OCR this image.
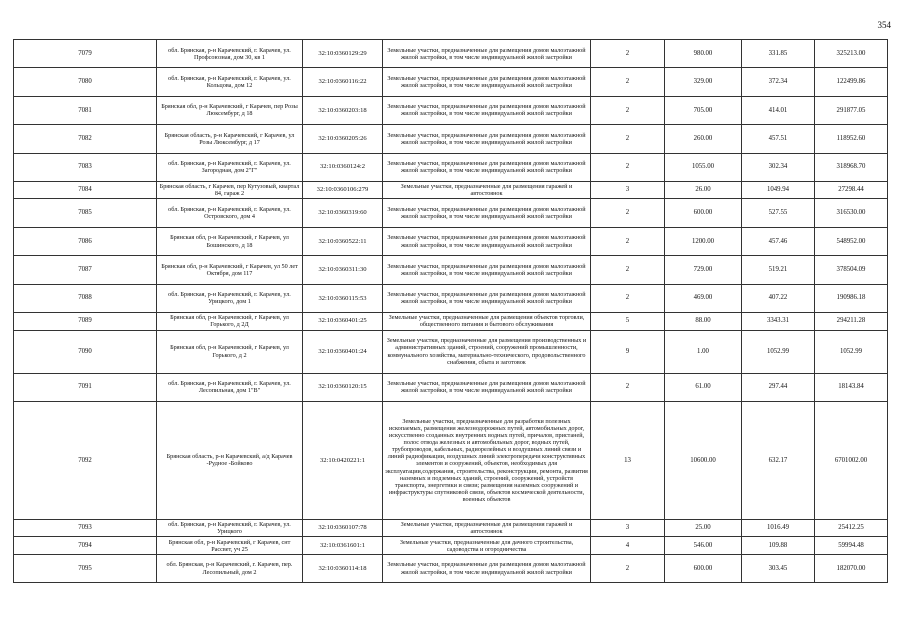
354
7079	обл. Брянская, р-н Карачевский, г. Карачев, ул. Профсоюзная, дом 30, кв 1	32:10:0360129:29	Земельные участки, предназначенные для размещения домов малоэтажной жилой застройки, в том числе индивидуальной жилой застройки	2	980.00	331.85	325213.00
7080	обл. Брянская, р-н Карачевский, г. Карачев, ул. Кольцова, дом 12	32:10:0360116:22	Земельные участки, предназначенные для размещения домов малоэтажной жилой застройки, в том числе индивидуальной жилой застройки	2	329.00	372.34	122499.86
7081	Брянская обл, р-н Карачевский, г Карачев, пер Розы Люксембург, д 18	32:10:0360203:18	Земельные участки, предназначенные для размещения домов малоэтажной жилой застройки, в том числе индивидуальной жилой застройки	2	705.00	414.01	291877.05
7082	Брянская область, р-н Карачевский, г Карачев, ул Розы Люксембург, д 17	32:10:0360205:26	Земельные участки, предназначенные для размещения домов малоэтажной жилой застройки, в том числе индивидуальной жилой застройки	2	260.00	457.51	118952.60
7083	обл. Брянская, р-н Карачевский, г. Карачев, ул. Загородная, дом 2"Г"	32:10:0360124:2	Земельные участки, предназначенные для размещения домов малоэтажной жилой застройки, в том числе индивидуальной жилой застройки	2	1055.00	302.34	318968.70
7084	Брянская область, г Карачев, пер Кутузовый, квартал 84, гараж 2	32:10:0360106:279	Земельные участки, предназначенные для размещения гаражей и автостоянок	3	26.00	1049.94	27298.44
7085	обл. Брянская, р-н Карачевский, г. Карачев, ул. Островского, дом 4	32:10:0360319:60	Земельные участки, предназначенные для размещения домов малоэтажной жилой застройки, в том числе индивидуальной жилой застройки	2	600.00	527.55	316530.00
7086	Брянская обл, р-н Карачевский, г Карачев, ул Бошинского, д 18	32:10:0360522:11	Земельные участки, предназначенные для размещения домов малоэтажной жилой застройки, в том числе индивидуальной жилой застройки	2	1200.00	457.46	548952.00
7087	Брянская обл, р-н Карачевский, г Карачев, ул 50 лет Октября, дом 117	32:10:0360311:30	Земельные участки, предназначенные для размещения домов малоэтажной жилой застройки, в том числе индивидуальной жилой застройки	2	729.00	519.21	378504.09
7088	обл. Брянская, р-н Карачевский, г. Карачев, ул. Урицкого, дом 1	32:10:0360115:53	Земельные участки, предназначенные для размещения домов малоэтажной жилой застройки, в том числе индивидуальной жилой застройки	2	469.00	407.22	190986.18
7089	Брянская обл, р-н Карачевский, г Карачев, ул Горького, д 2Д	32:10:0360401:25	Земельные участки, предназначенные для размещения объектов торговли, общественного питания и бытового обслуживания	5	88.00	3343.31	294211.28
7090	Брянская обл, р-н Карачевский, г Карачев, ул Горького, д 2	32:10:0360401:24	Земельные участки, предназначенные для размещения производственных и административных зданий, строений, сооружений промышленности, коммунального хозяйства, материально-технического, продовольственного снабжения, сбыта и заготовок	9	1.00	1052.99	1052.99
7091	обл. Брянская, р-н Карачевский, г. Карачев, ул. Лесопильная, дом 1"В"	32:10:0360120:15	Земельные участки, предназначенные для размещения домов малоэтажной жилой застройки, в том числе индивидуальной жилой застройки	2	61.00	297.44	18143.84
7092	Брянская область, р-н Карачевский, а/д Карачев -Рудное -Бойково	32:10:0420221:1	Земельные участки, предназначенные для разработки полезных ископаемых, размещения железнодорожных путей, автомобильных дорог, искусственно созданных внутренних водных путей, причалов, пристаней, полос отвода железных и автомобильных дорог, водных путей, трубопроводов, кабельных, радиорелейных и воздушных линий связи и линий радиофикации, воздушных линий электропередачи конструктивных элементов и сооружений, объектов, необходимых для эксплуатации,содержания, строительства, реконструкции, ремонта, развития наземных и подземных зданий, строений, сооружений, устройств транспорта, энергетики и связи; размещения наземных сооружений и инфраструктуры спутниковой связи, объектов космической деятельности, военных объектов	13	10600.00	632.17	6701002.00
7093	обл. Брянская, р-н Карачевский, г. Карачев, ул. Урицкого	32:10:0360107:78	Земельные участки, предназначенные для размещения гаражей и автостоянок	3	25.00	1016.49	25412.25
7094	Брянская обл, р-н Карачевский, г Карачев, снт Рассвет, уч 25	32:10:0361601:1	Земельные участки, предназначенные для дачного строительства, садоводства и огородничества	4	546.00	109.88	59994.48
7095	обл. Брянская, р-н Карачевский, г. Карачев, пер. Лесопильный, дом 2	32:10:0360114:18	Земельные участки, предназначенные для размещения домов малоэтажной жилой застройки, в том числе индивидуальной жилой застройки	2	600.00	303.45	182070.00
